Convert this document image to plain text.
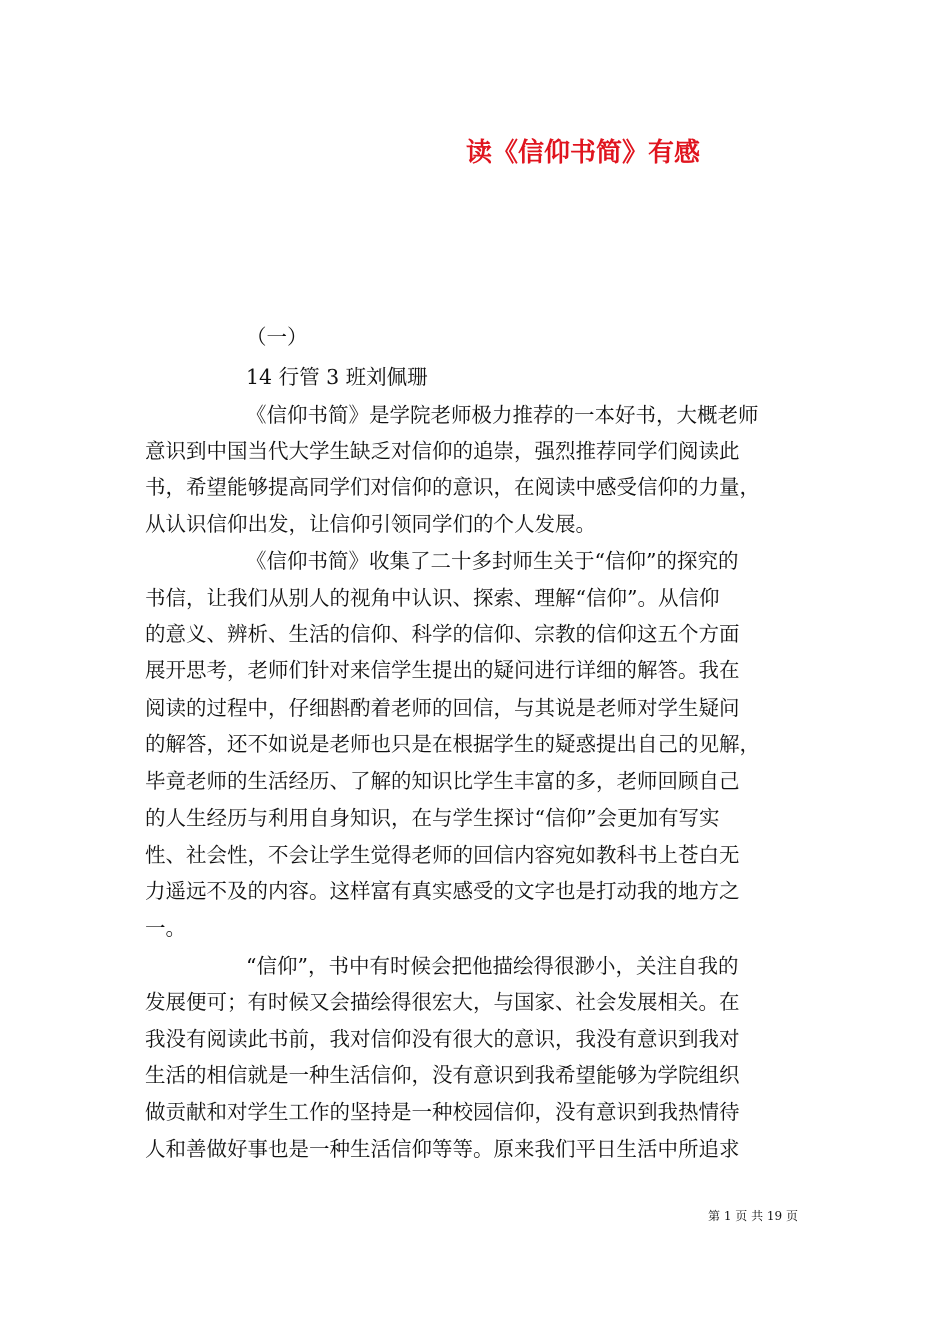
读《信仰书简》有感
（一）
14 行管 3 班刘佩珊
《信仰书简》是学院老师极力推荐的一本好书，大概老师
意识到中国当代大学生缺乏对信仰的追崇，强烈推荐同学们阅读此
书，希望能够提高同学们对信仰的意识，在阅读中感受信仰的力量，
从认识信仰出发，让信仰引领同学们的个人发展。
《信仰书简》收集了二十多封师生关于“信仰”的探究的
书信，让我们从别人的视角中认识、探索、理解“信仰”。从信仰
的意义、辨析、生活的信仰、科学的信仰、宗教的信仰这五个方面
展开思考，老师们针对来信学生提出的疑问进行详细的解答。我在
阅读的过程中，仔细斟酌着老师的回信，与其说是老师对学生疑问
的解答，还不如说是老师也只是在根据学生的疑惑提出自己的见解，
毕竟老师的生活经历、了解的知识比学生丰富的多，老师回顾自己
的人生经历与利用自身知识，在与学生探讨“信仰”会更加有写实
性、社会性，不会让学生觉得老师的回信内容宛如教科书上苍白无
力遥远不及的内容。这样富有真实感受的文字也是打动我的地方之
一。
“信仰”，书中有时候会把他描绘得很渺小，关注自我的
发展便可；有时候又会描绘得很宏大，与国家、社会发展相关。在
我没有阅读此书前，我对信仰没有很大的意识，我没有意识到我对
生活的相信就是一种生活信仰，没有意识到我希望能够为学院组织
做贡献和对学生工作的坚持是一种校园信仰，没有意识到我热情待
人和善做好事也是一种生活信仰等等。原来我们平日生活中所追求
第 1 页 共 19 页
